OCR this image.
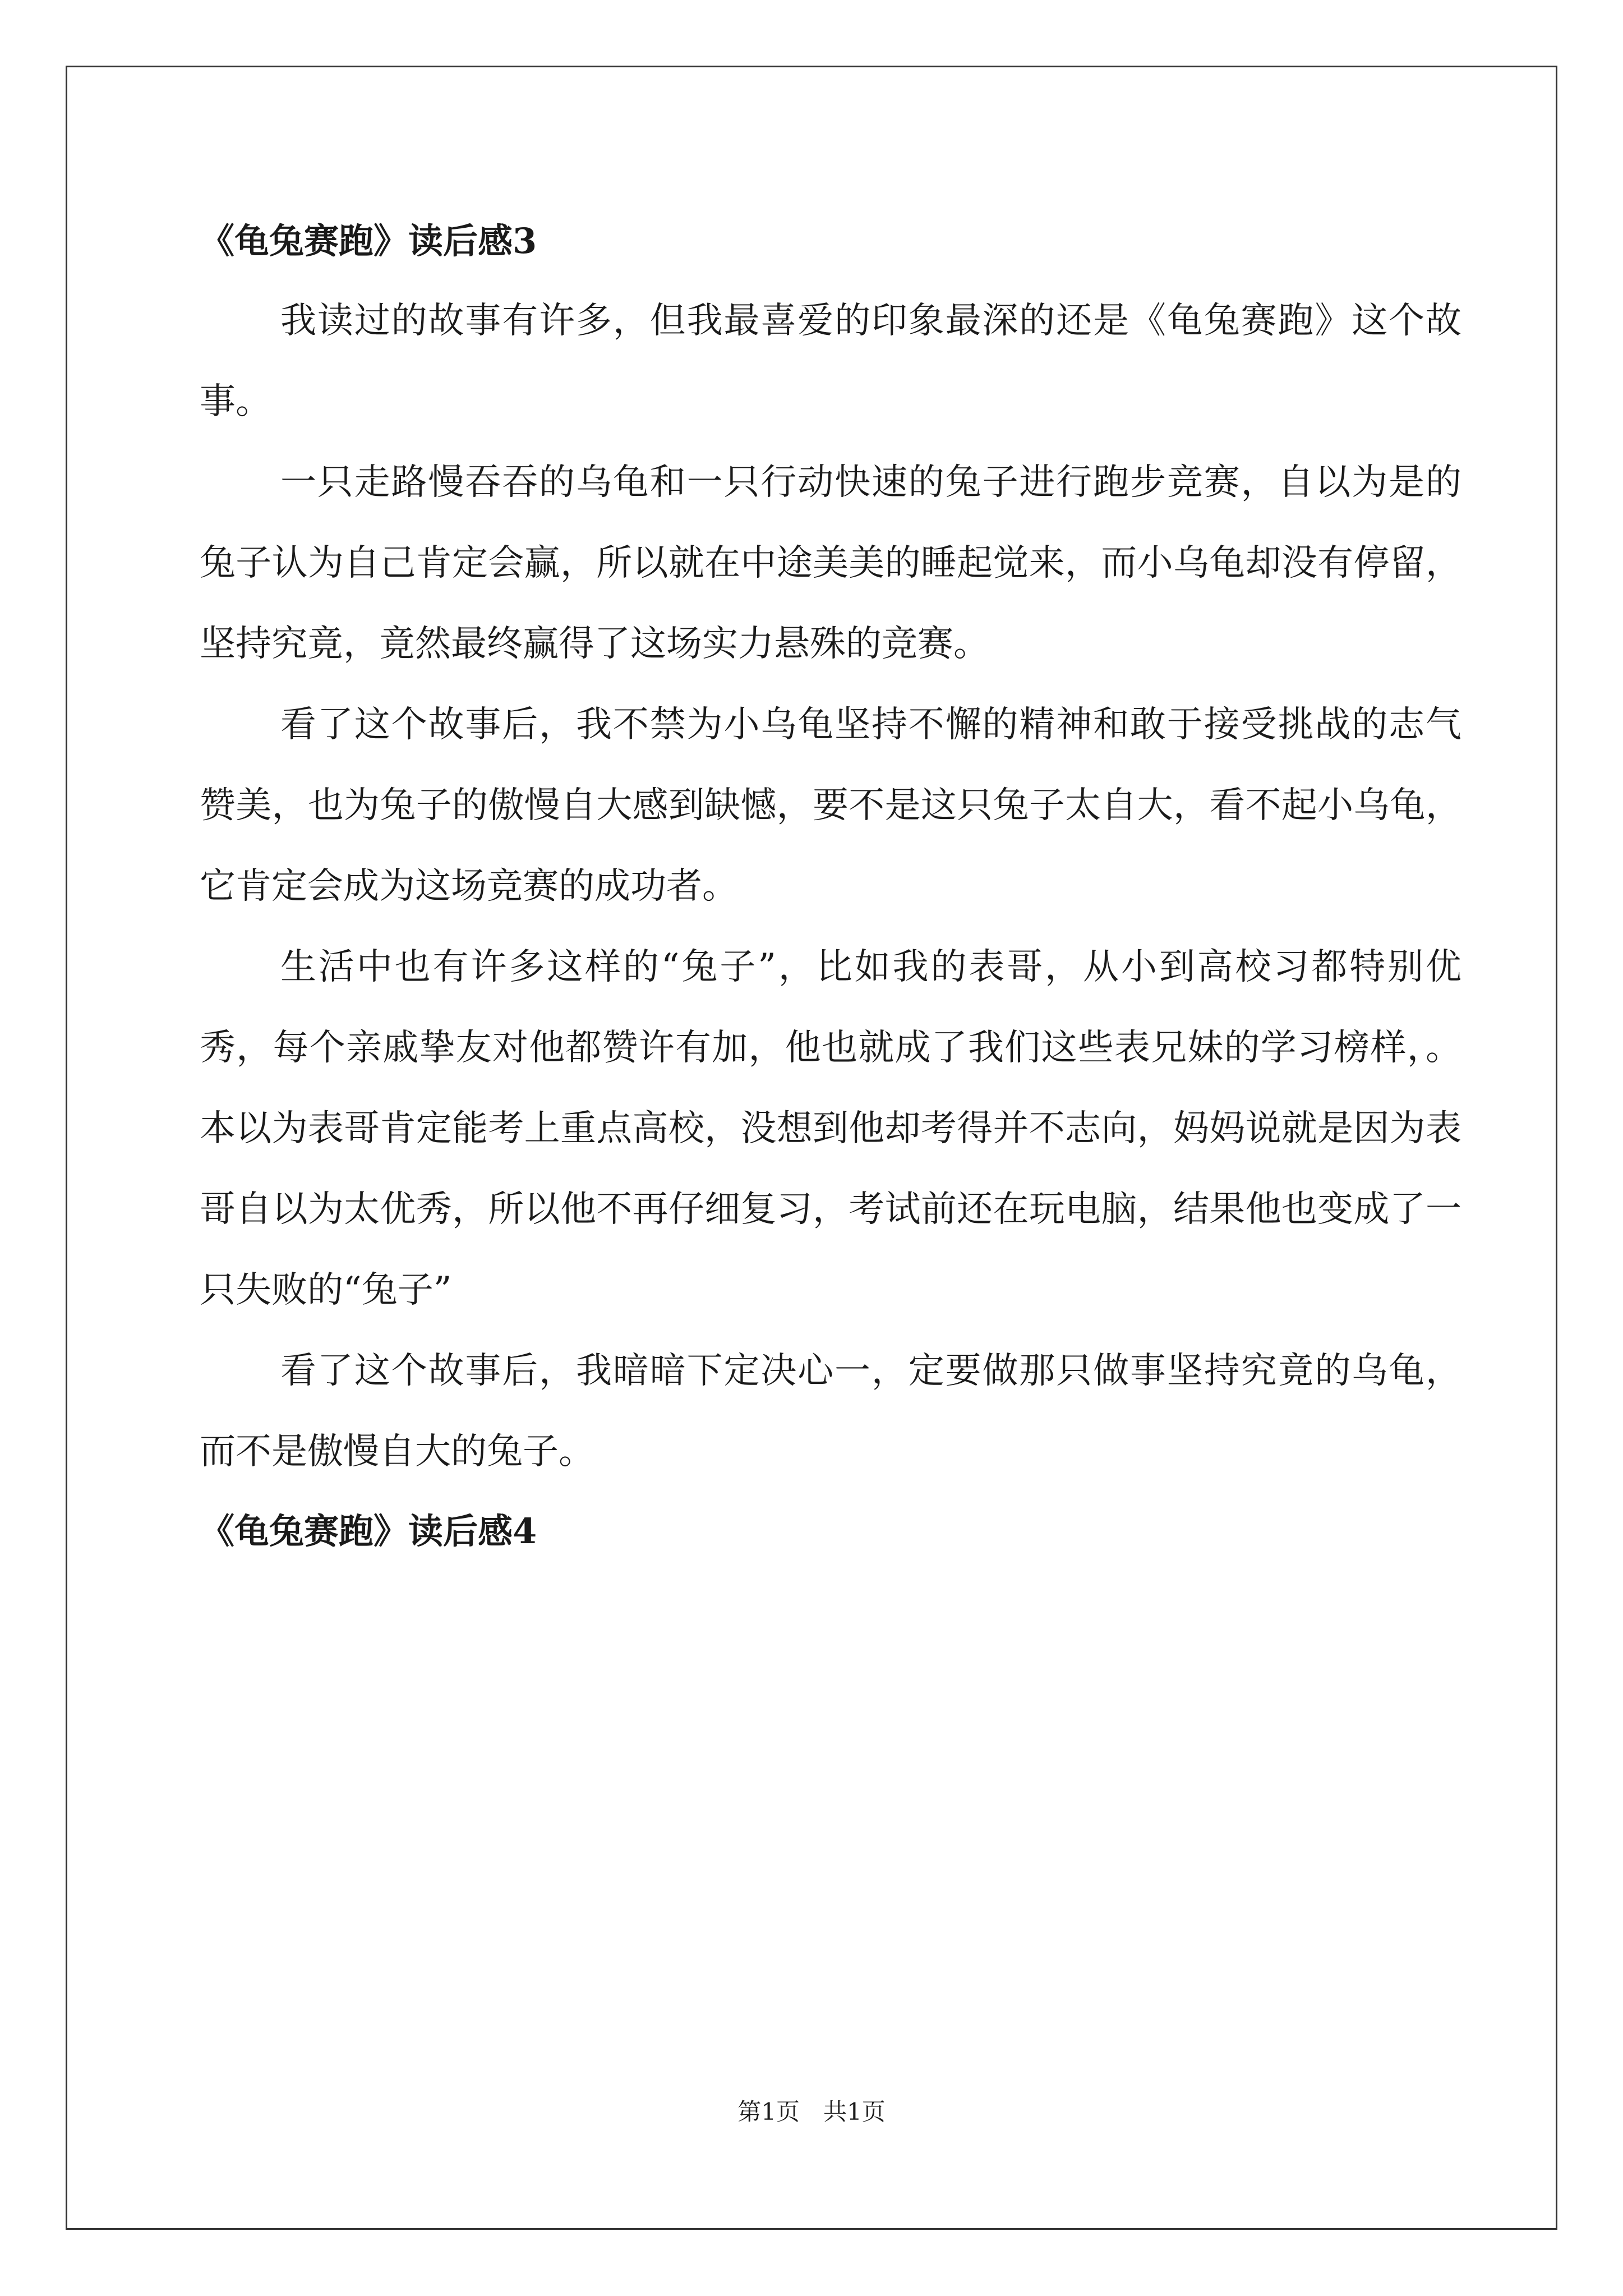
《龟兔赛跑》读后感3

我读过的故事有许多，但我最喜爱的印象最深的还是《龟兔赛跑》这个故事。

一只走路慢吞吞的乌龟和一只行动快速的兔子进行跑步竞赛，自以为是的兔子认为自己肯定会赢，所以就在中途美美的睡起觉来，而小乌龟却没有停留，坚持究竟，竟然最终赢得了这场实力悬殊的竞赛。

看了这个故事后，我不禁为小乌龟坚持不懈的精神和敢于接受挑战的志气赞美，也为兔子的傲慢自大感到缺憾，要不是这只兔子太自大，看不起小乌龟，它肯定会成为这场竞赛的成功者。

生活中也有许多这样的“兔子”，比如我的表哥，从小到高校习都特别优秀，每个亲戚挚友对他都赞许有加，他也就成了我们这些表兄妹的学习榜样，。本以为表哥肯定能考上重点高校，没想到他却考得并不志向，妈妈说就是因为表哥自以为太优秀，所以他不再仔细复习，考试前还在玩电脑，结果他也变成了一只失败的“兔子”

看了这个故事后，我暗暗下定决心一，定要做那只做事坚持究竟的乌龟，而不是傲慢自大的兔子。

《龟兔赛跑》读后感4
第1页　共1页
